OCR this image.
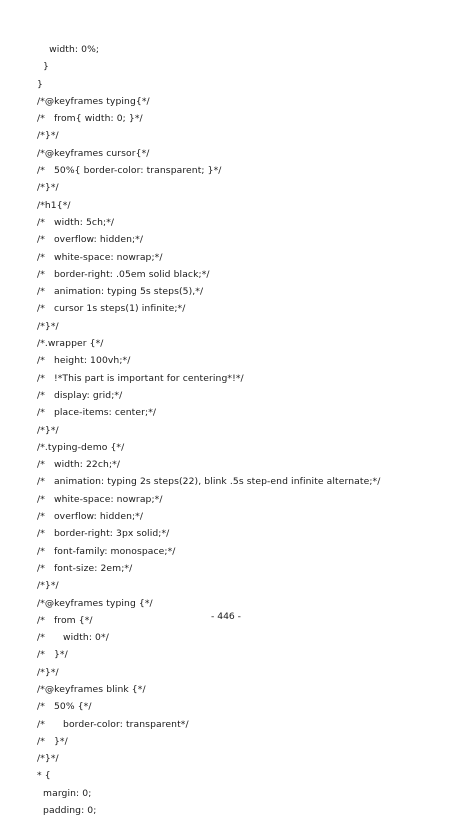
width: 0%;
}
}
/*@keyframes typing{*/
/*   from{ width: 0; }*/
/*}*/
/*@keyframes cursor{*/
/*   50%{ border-color: transparent; }*/
/*}*/
/*h1{*/
/*   width: 5ch;*/
/*   overflow: hidden;*/
/*   white-space: nowrap;*/
/*   border-right: .05em solid black;*/
/*   animation: typing 5s steps(5),*/
/*   cursor 1s steps(1) infinite;*/
/*}*/
/*.wrapper {*/
/*   height: 100vh;*/
/*   !*This part is important for centering*!*/
/*   display: grid;*/
/*   place-items: center;*/
/*}*/
/*.typing-demo {*/
/*   width: 22ch;*/
/*   animation: typing 2s steps(22), blink .5s step-end infinite alternate;*/
/*   white-space: nowrap;*/
/*   overflow: hidden;*/
/*   border-right: 3px solid;*/
/*   font-family: monospace;*/
/*   font-size: 2em;*/
/*}*/
/*@keyframes typing {*/
/*   from {*/
/*      width: 0*/
/*   }*/
/*}*/
/*@keyframes blink {*/
/*   50% {*/
/*      border-color: transparent*/
/*   }*/
/*}*/
* {
margin: 0;
padding: 0;
- 446 -
